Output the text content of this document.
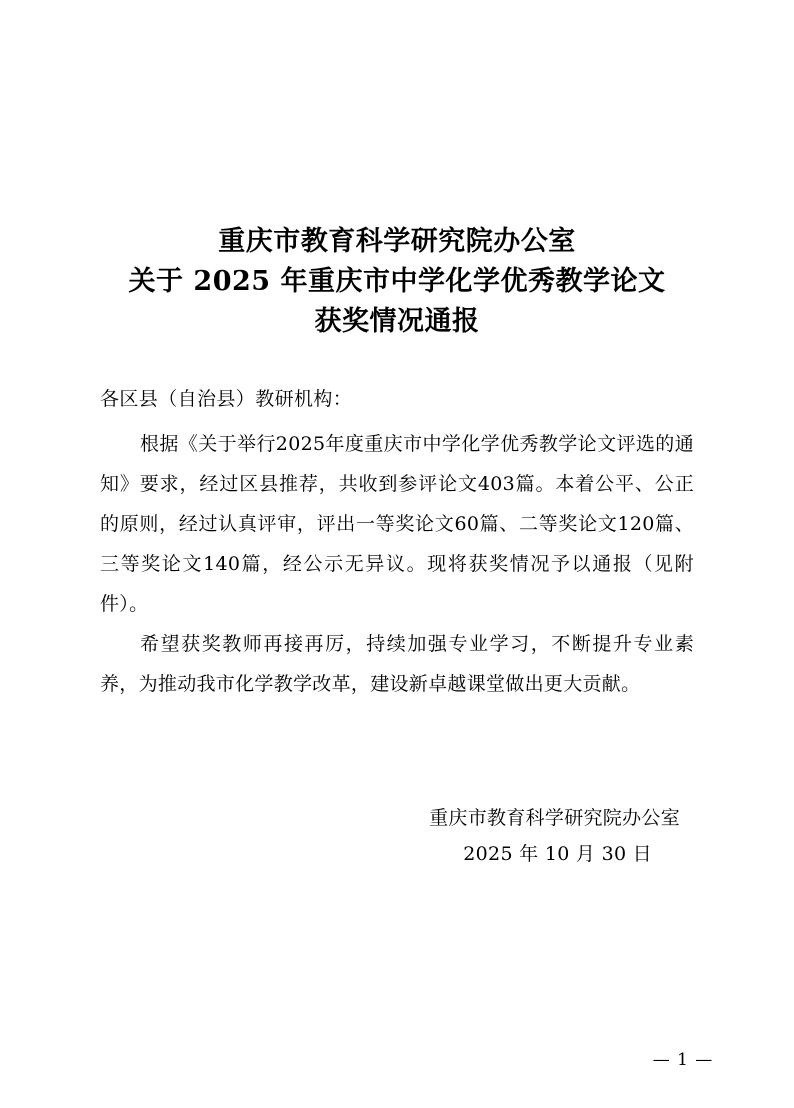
重庆市教育科学研究院办公室
关于 2025 年重庆市中学化学优秀教学论文
获奖情况通报
各区县（自治县）教研机构：

根据《关于举行2025年度重庆市中学化学优秀教学论文评选的通知》要求，经过区县推荐，共收到参评论文403篇。本着公平、公正的原则，经过认真评审，评出一等奖论文60篇、二等奖论文120篇、三等奖论文140篇，经公示无异议。现将获奖情况予以通报（见附件）。

希望获奖教师再接再厉，持续加强专业学习，不断提升专业素养，为推动我市化学教学改革，建设新卓越课堂做出更大贡献。

重庆市教育科学研究院办公室
2025 年 10 月 30 日
— 1 —
